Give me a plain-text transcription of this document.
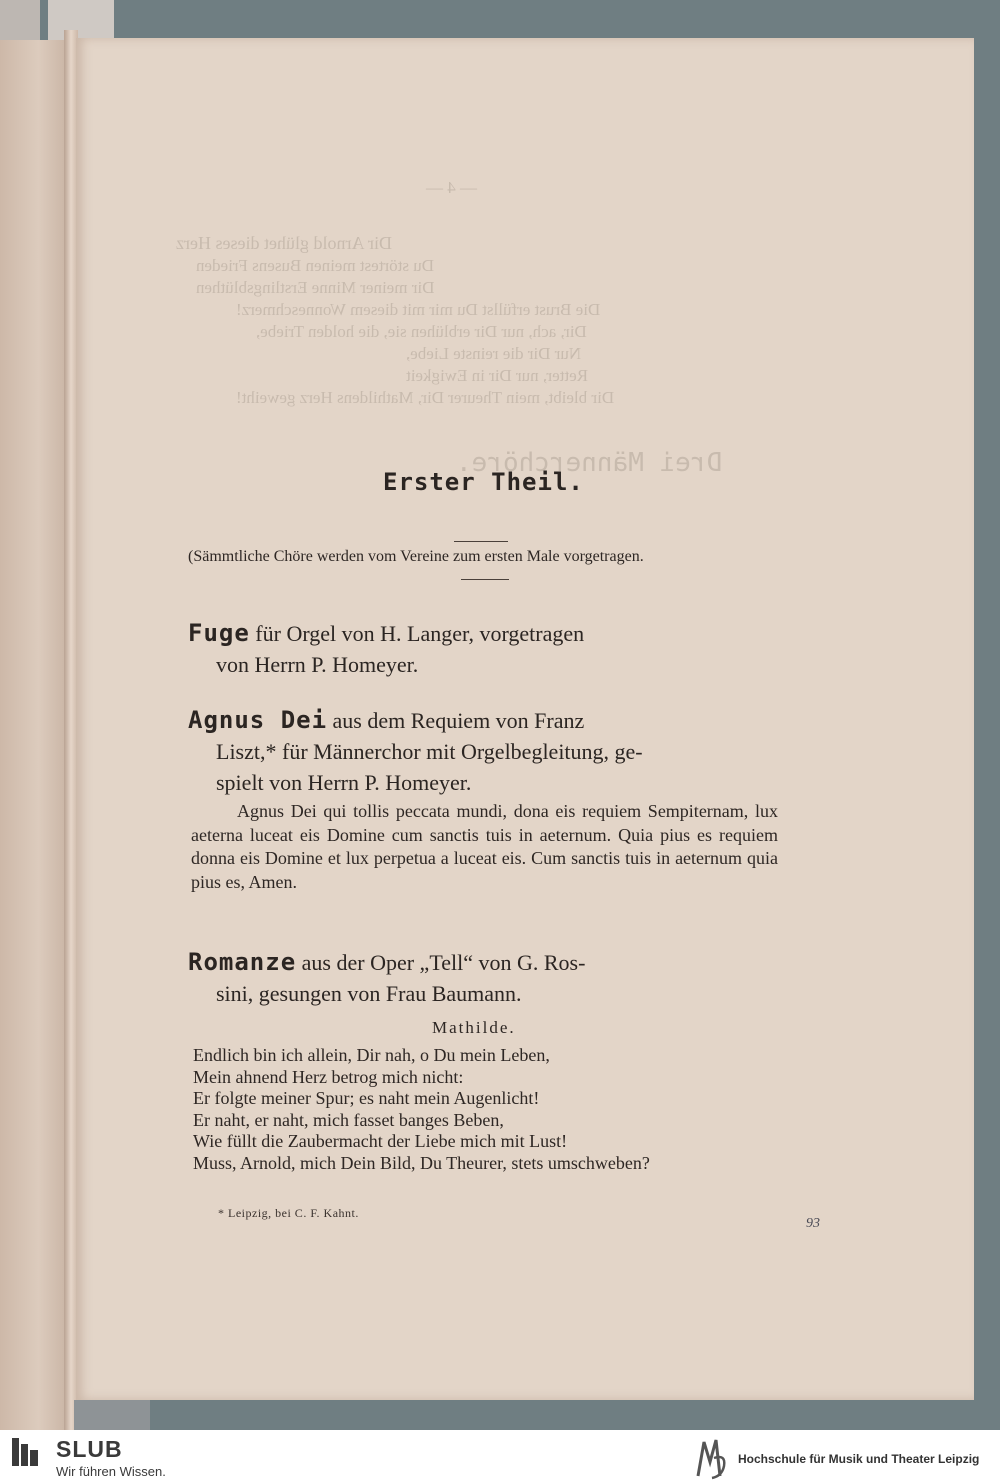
— 4 —
Dir Arnold glühet dieses Herz
Du störtest meinen Busens Frieden
Dir meiner Minne Erstlingsblüthen
Die Brust erfüllst Du mir mit diesem Wonneschmerz!
Dir, ach, nur Dir erblühen sie, die holden Triebe,
Nur Dir die reinste Liebe,
Retter, nur Dir in Ewigkeit
Dir bleibt, mein Theurer Dir, Mathildens Herz geweiht!
Drei Männerchöre.
Erster Theil.
(Sämmtliche Chöre werden vom Vereine zum ersten Male vorgetragen.
Fuge für Orgel von H. Langer, vorgetragen
von Herrn P. Homeyer.
Agnus Dei aus dem Requiem von Franz
Liszt,* für Männerchor mit Orgelbegleitung, ge-
spielt von Herrn P. Homeyer.

Agnus Dei qui tollis peccata mundi, dona eis requiem Sempiternam, lux aeterna luceat eis Domine cum sanctis tuis in aeternum. Quia pius es requiem donna eis Domine et lux perpetua a luceat eis. Cum sanctis tuis in aeternum quia pius es, Amen.

Romanze aus der Oper „Tell“ von G. Ros-
sini, gesungen von Frau Baumann.
Mathilde.
Endlich bin ich allein, Dir nah, o Du mein Leben,
Mein ahnend Herz betrog mich nicht:
Er folgte meiner Spur; es naht mein Augenlicht!
Er naht, er naht, mich fasset banges Beben,
Wie füllt die Zaubermacht der Liebe mich mit Lust!
Muss, Arnold, mich Dein Bild, Du Theurer, stets umschweben?
* Leipzig, bei C. F. Kahnt.
93
SLUB
Wir führen Wissen.
Hochschule für Musik und Theater Leipzig
